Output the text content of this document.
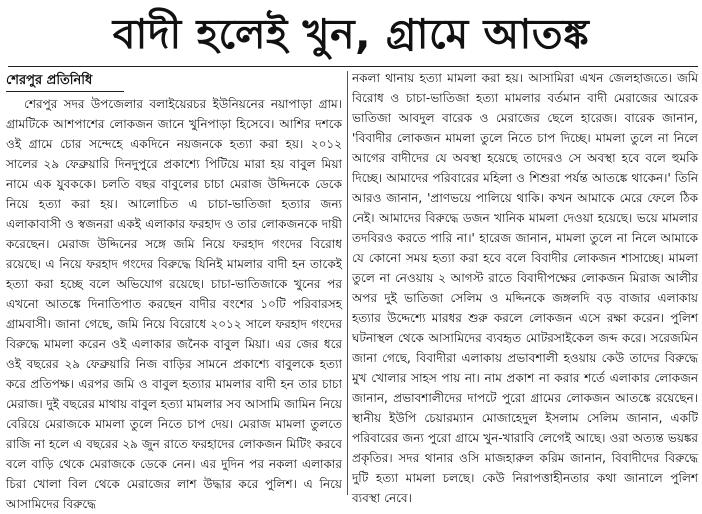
বাদী হলেই খুন, গ্রামে আতঙ্ক
শেরপুর প্রতিনিধি

শেরপুর সদর উপজেলার বলাইয়েরচর ইউনিয়নের নয়াপাড়া গ্রাম। গ্রামটিকে আশপাশের লোকজন জানে খুনিপাড়া হিসেবে। আশির দশকে ওই গ্রামে চোর সন্দেহে একদিনে নয়জনকে হত্যা করা হয়। ২০১২ সালের ২৯ ফেব্রুয়ারি দিনদুপুরে প্রকাশ্যে পিটিয়ে মারা হয় বাবুল মিয়া নামে এক যুবককে। চলতি বছর বাবুলের চাচা মেরাজ উদ্দিনকে ডেকে নিয়ে হত্যা করা হয়। আলোচিত এ চাচা-ভাতিজা হত্যার জন্য এলাকাবাসী ও স্বজনরা একই এলাকার ফরহাদ ও তার লোকজনকে দায়ী করেছেন। মেরাজ উদ্দিনের সঙ্গে জমি নিয়ে ফরহাদ গংদের বিরোধ রয়েছে। এ নিয়ে ফরহাদ গংদের বিরুদ্ধে যিনিই মামলার বাদী হন তাকেই হত্যা করা হচ্ছে বলে অভিযোগ রয়েছে। চাচা-ভাতিজাকে খুনের পর এখনো আতঙ্কে দিনাতিপাত করছেন বাদীর বংশের ১০টি পরিবারসহ গ্রামবাসী। জানা গেছে, জমি নিয়ে বিরোধে ২০১২ সালে ফরহাদ গংদের বিরুদ্ধে মামলা করেন ওই এলাকার জনৈক বাবুল মিয়া। এর জের ধরে ওই বছরের ২৯ ফেব্রুয়ারি নিজ বাড়ির সামনে প্রকাশ্যে বাবুলকে হত্যা করে প্রতিপক্ষ। এরপর জমি ও বাবুল হত্যার মামলার বাদী হন তার চাচা মেরাজ। দুই বছরের মাথায় বাবুল হত্যা মামলার সব আসামি জামিন নিয়ে বেরিয়ে মেরাজকে মামলা তুলে নিতে চাপ দেয়। মেরাজ মামলা তুলতে রাজি না হলে এ বছরের ২৯ জুন রাতে ফরহাদের লোকজন মিটিং করবে বলে বাড়ি থেকে মেরাজকে ডেকে নেন। এর দুদিন পর নকলা এলাকার চিরা খোলা বিল থেকে মেরাজের লাশ উদ্ধার করে পুলিশ। এ নিয়ে আসামিদের বিরুদ্ধে

নকলা থানায় হত্যা মামলা করা হয়। আসামিরা এখন জেলহাজতে। জমি বিরোধ ও চাচা-ভাতিজা হত্যা মামলার বর্তমান বাদী মেরাজের আরেক ভাতিজা আবদুল বারেক ও মেরাজের ছেলে হারেজ। বারেক জানান, 'বিবাদীর লোকজন মামলা তুলে নিতে চাপ দিচ্ছে। মামলা তুলে না নিলে আগের বাদীদের যে অবস্থা হয়েছে তাদেরও সে অবস্থা হবে বলে হুমকি দিচ্ছে। আমাদের পরিবারের মহিলা ও শিশুরা পর্যন্ত আতঙ্কে থাকেন।' তিনি আরও জানান, 'প্রাণভয়ে পালিয়ে থাকি। কখন আমাকে মেরে ফেলে ঠিক নেই। আমাদের বিরুদ্ধে ডজন খানিক মামলা দেওয়া হয়েছে। ভয়ে মামলার তদবিরও করতে পারি না।' হারেজ জানান, মামলা তুলে না নিলে আমাকে যে কোনো সময় হত্যা করা হবে বলে বিবাদীর লোকজন শাসাচ্ছে। মামলা তুলে না নেওয়ায় ২ আগস্ট রাতে বিবাদীপক্ষের লোকজন মিরাজ আলীর অপর দুই ভাতিজা সেলিম ও মদ্দিনকে জঙ্গলদি বড় বাজার এলাকায় হত্যার উদ্দেশ্যে মারধর শুরু করলে লোকজন এসে রক্ষা করেন। পুলিশ ঘটনাস্থল থেকে আসামিদের ব্যবহৃত মোটরসাইকেল জব্দ করে। সরেজমিন জানা গেছে, বিবাদীরা এলাকায় প্রভাবশালী হওয়ায় কেউ তাদের বিরুদ্ধে মুখ খোলার সাহস পায় না। নাম প্রকাশ না করার শর্তে এলাকার লোকজন জানান, প্রভাবশালীদের দাপটে পুরো গ্রামের লোকজন আতঙ্কে রয়েছেন। স্থানীয় ইউপি চেয়ারম্যান মোজাহেদুল ইসলাম সেলিম জানান, একটি পরিবারের জন্য পুরো গ্রামে খুন-খারাবি লেগেই আছে। ওরা অত্যন্ত ভয়ঙ্কর প্রকৃতির। সদর থানার ওসি মাজহারুল করিম জানান, বিবাদীদের বিরুদ্ধে দুটি হত্যা মামলা চলছে। কেউ নিরাপত্তাহীনতার কথা জানালে পুলিশ ব্যবস্থা নেবে।
